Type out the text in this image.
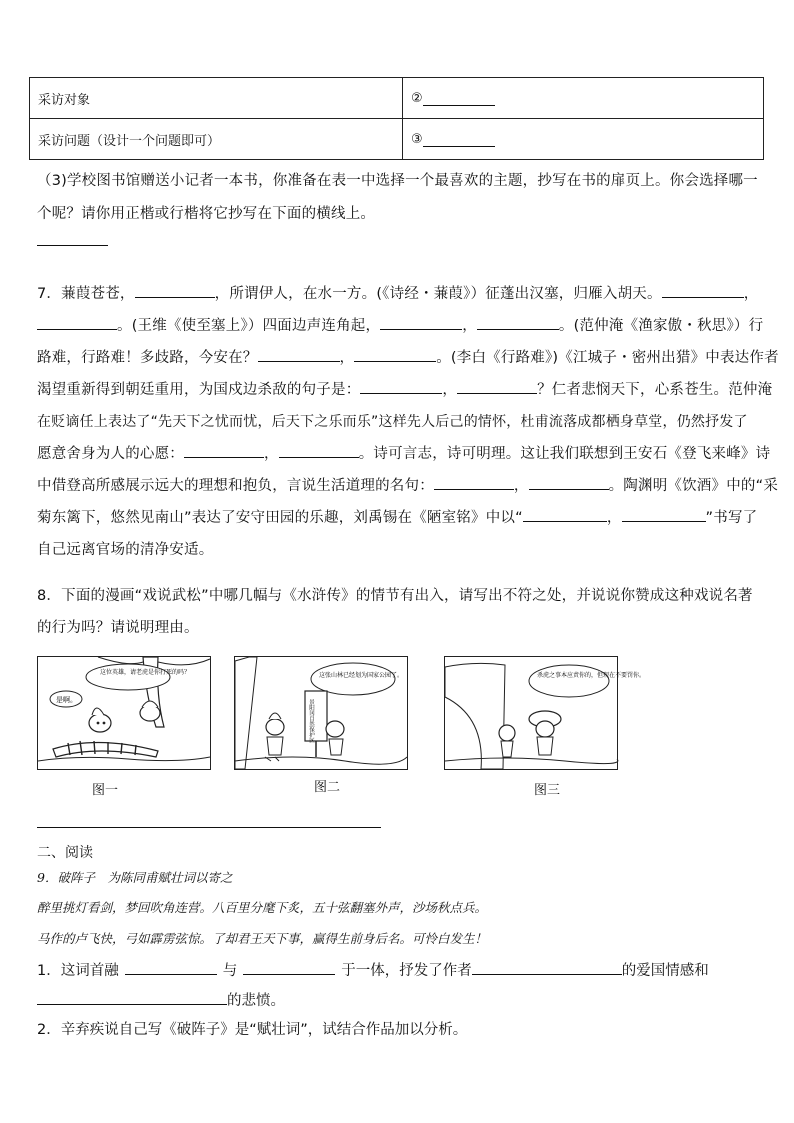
采访对象	②
采访问题（设计一个问题即可）	③
（3)学校图书馆赠送小记者一本书，你准备在表一中选择一个最喜欢的主题，抄写在书的扉页上。你会选择哪一个呢？请你用正楷或行楷将它抄写在下面的横线上。
7．蒹葭苍苍，	，所谓伊人，在水一方。(《诗经・蒹葭》）征蓬出汉塞，归雁入胡天。	，
。(王维《使至塞上》）四面边声连角起，	，	。(范仲淹《渔家傲・秋思》）行
路难，行路难！多歧路，今安在？	，	。(李白《行路难》)《江城子・密州出猎》中表达作者
渴望重新得到朝廷重用，为国戍边杀敌的句子是：	，	？仁者悲悯天下，心系苍生。范仲淹
在贬谪任上表达了“先天下之忧而忧，后天下之乐而乐”这样先人后己的情怀，杜甫流落成都栖身草堂，仍然抒发了
愿意舍身为人的心愿：	，	。诗可言志，诗可明理。这让我们联想到王安石《登飞来峰》诗
中借登高所感展示远大的理想和抱负，言说生活道理的名句：	，	。陶渊明《饮酒》中的“采
菊东篱下，悠然见南山”表达了安守田园的乐趣，刘禹锡在《陋室铭》中以“	，	”书写了
自己远离官场的清净安适。
8．下面的漫画“戏说武松”中哪几幅与《水浒传》的情节有出入，请写出不符之处，并说说你赞成这种戏说名著的行为吗？请说明理由。
这位英雄，请老虎是你打死的吗？
是啊。
图一
这张山林已经划为国家公园了。
景阳冈自然保护区
图二
杀虎之事本应责你的，但现在不要罚你。
图三
二、阅读
9．破阵子　为陈同甫赋壮词以寄之
醉里挑灯看剑，梦回吹角连营。八百里分麾下炙，五十弦翻塞外声，沙场秋点兵。
马作的卢飞快，弓如霹雳弦惊。了却君王天下事，赢得生前身后名。可怜白发生！
1．这词首融	与	于一体，抒发了作者	的爱国情感和
的悲愤。
2．辛弃疾说自己写《破阵子》是“赋壮词”，试结合作品加以分析。
